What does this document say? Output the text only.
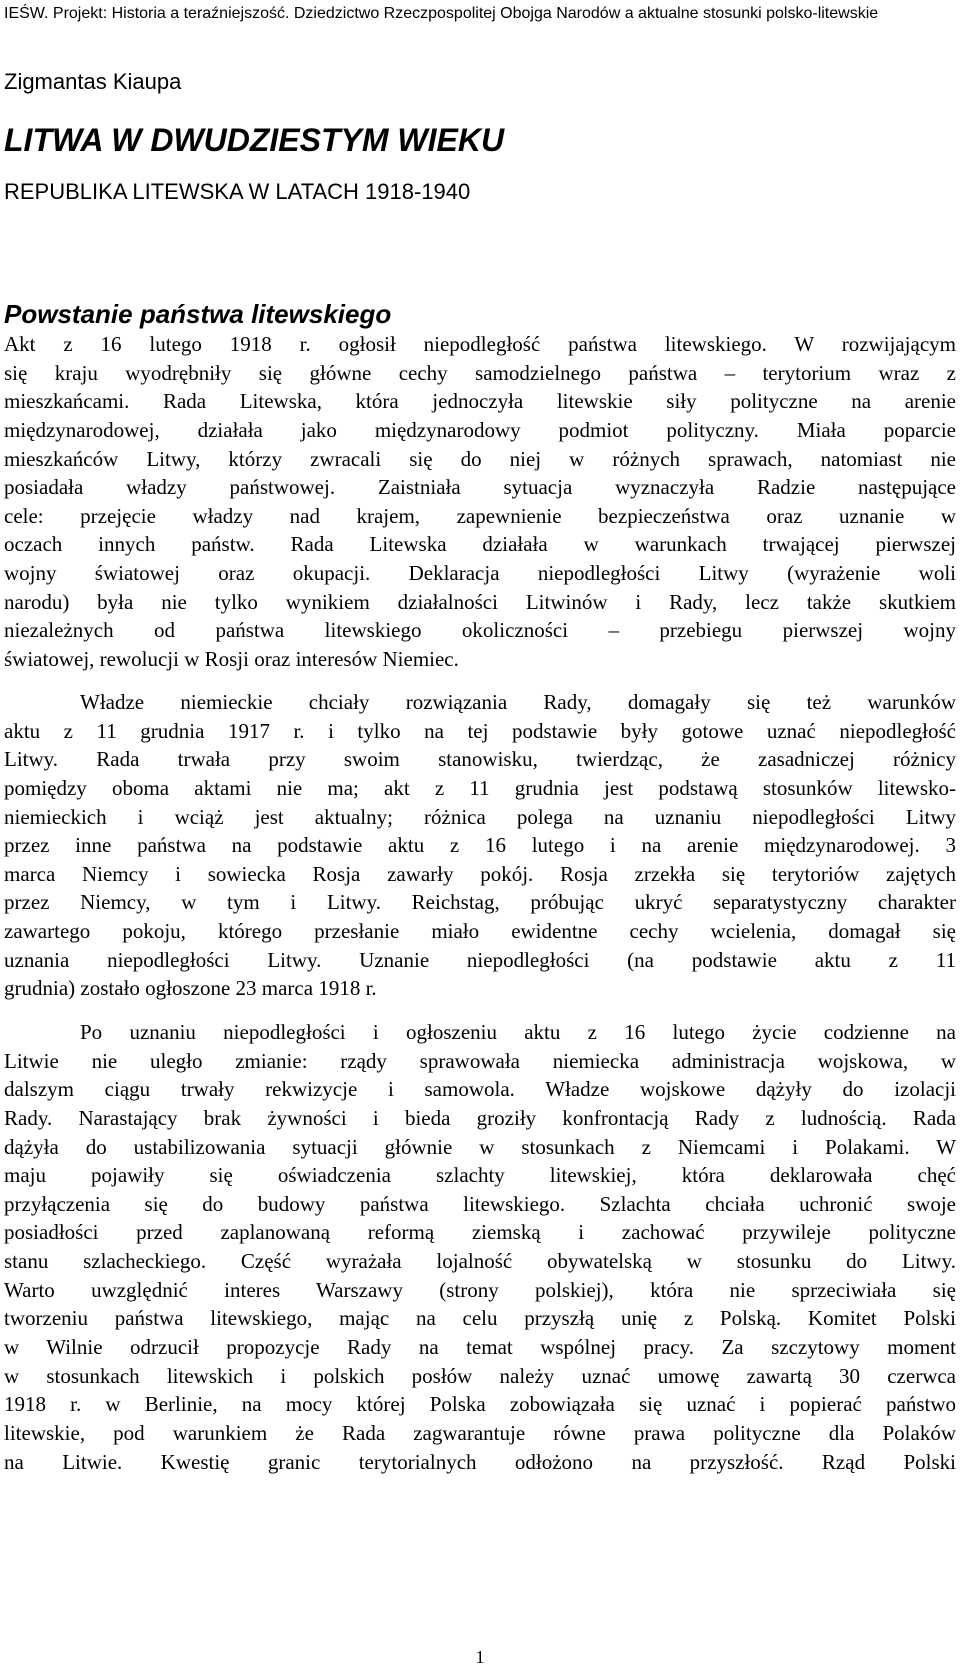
IEŚW. Projekt: Historia a teraźniejszość. Dziedzictwo Rzeczpospolitej Obojga Narodów a aktualne stosunki polsko-litewskie
Zigmantas Kiaupa
LITWA W DWUDZIESTYM WIEKU
REPUBLIKA LITEWSKA W LATACH 1918-1940
Powstanie państwa litewskiego
Akt z 16 lutego 1918 r. ogłosił niepodległość państwa litewskiego. W rozwijającym
się kraju wyodrębniły się główne cechy samodzielnego państwa – terytorium wraz z
mieszkańcami. Rada Litewska, która jednoczyła litewskie siły polityczne na arenie
międzynarodowej, działała jako międzynarodowy podmiot polityczny. Miała poparcie
mieszkańców Litwy, którzy zwracali się do niej w różnych sprawach, natomiast nie
posiadała władzy państwowej. Zaistniała sytuacja wyznaczyła Radzie następujące
cele: przejęcie władzy nad krajem, zapewnienie bezpieczeństwa oraz uznanie w
oczach innych państw. Rada Litewska działała w warunkach trwającej pierwszej
wojny światowej oraz okupacji. Deklaracja niepodległości Litwy (wyrażenie woli
narodu) była nie tylko wynikiem działalności Litwinów i Rady, lecz także skutkiem
niezależnych od państwa litewskiego okoliczności – przebiegu pierwszej wojny
światowej, rewolucji w Rosji oraz interesów Niemiec.
Władze niemieckie chciały rozwiązania Rady, domagały się też warunków
aktu z 11 grudnia 1917 r. i tylko na tej podstawie były gotowe uznać niepodległość
Litwy. Rada trwała przy swoim stanowisku, twierdząc, że zasadniczej różnicy
pomiędzy oboma aktami nie ma; akt z 11 grudnia jest podstawą stosunków litewsko-
niemieckich i wciąż jest aktualny; różnica polega na uznaniu niepodległości Litwy
przez inne państwa na podstawie aktu z 16 lutego i na arenie międzynarodowej. 3
marca Niemcy i sowiecka Rosja zawarły pokój. Rosja zrzekła się terytoriów zajętych
przez Niemcy, w tym i Litwy. Reichstag, próbując ukryć separatystyczny charakter
zawartego pokoju, którego przesłanie miało ewidentne cechy wcielenia, domagał się
uznania niepodległości Litwy. Uznanie niepodległości (na podstawie aktu z 11
grudnia) zostało ogłoszone 23 marca 1918 r.
Po uznaniu niepodległości i ogłoszeniu aktu z 16 lutego życie codzienne na
Litwie nie uległo zmianie: rządy sprawowała niemiecka administracja wojskowa, w
dalszym ciągu trwały rekwizycje i samowola. Władze wojskowe dążyły do izolacji
Rady. Narastający brak żywności i bieda groziły konfrontacją Rady z ludnością. Rada
dążyła do ustabilizowania sytuacji głównie w stosunkach z Niemcami i Polakami. W
maju pojawiły się oświadczenia szlachty litewskiej, która deklarowała chęć
przyłączenia się do budowy państwa litewskiego. Szlachta chciała uchronić swoje
posiadłości przed zaplanowaną reformą ziemską i zachować przywileje polityczne
stanu szlacheckiego. Część wyrażała lojalność obywatelską w stosunku do Litwy.
Warto uwzględnić interes Warszawy (strony polskiej), która nie sprzeciwiała się
tworzeniu państwa litewskiego, mając na celu przyszłą unię z Polską. Komitet Polski
w Wilnie odrzucił propozycje Rady na temat wspólnej pracy. Za szczytowy moment
w stosunkach litewskich i polskich posłów należy uznać umowę zawartą 30 czerwca
1918 r. w Berlinie, na mocy której Polska zobowiązała się uznać i popierać państwo
litewskie, pod warunkiem że Rada zagwarantuje równe prawa polityczne dla Polaków
na Litwie. Kwestię granic terytorialnych odłożono na przyszłość. Rząd Polski
1
